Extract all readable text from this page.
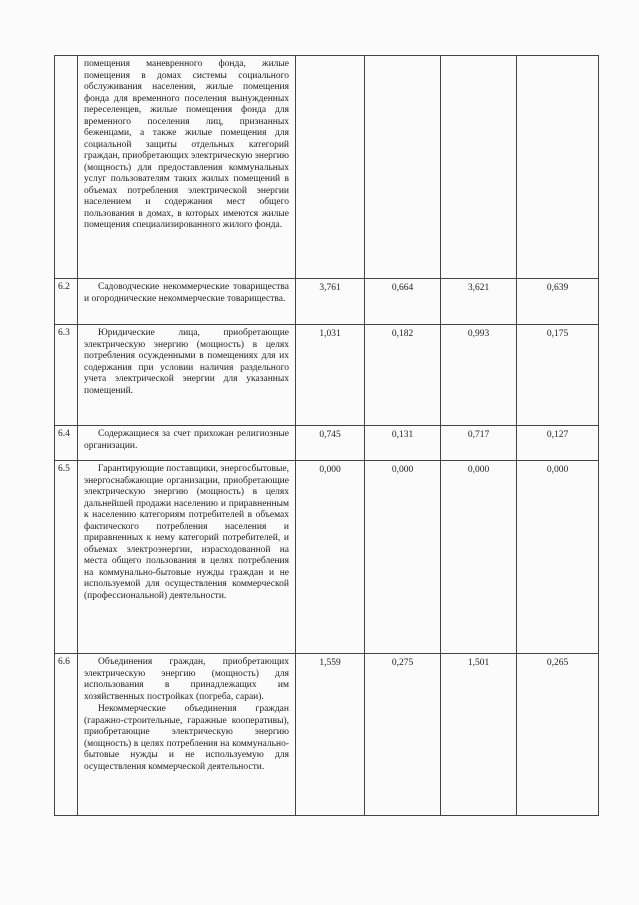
	помещения маневренного фонда, жилые помещения в домах системы социального обслуживания населения, жилые помещения фонда для временного поселения вынужденных переселенцев, жилые помещения фонда для временного поселения лиц, признанных беженцами, а также жилые помещения для социальной защиты отдельных категорий граждан, приобретающих электрическую энергию (мощность) для предоставления коммунальных услуг пользователям таких жилых помещений в объемах потребления электрической энергии населением и содержания мест общего пользования в домах, в которых имеются жилые помещения специализированного жилого фонда.				

6.2	Садоводческие некоммерческие товарищества и огороднические некоммерческие товарищества.	3,761	0,664	3,621	0,639
6.3	Юридические лица, приобретающие электрическую энергию (мощность) в целях потребления осужденными в помещениях для их содержания при условии наличия раздельного учета электрической энергии для указанных помещений.	1,031	0,182	0,993	0,175
6.4	Содержащиеся за счет прихожан религиозные организации.	0,745	0,131	0,717	0,127
6.5	Гарантирующие поставщики, энергосбытовые, энергоснабжающие организации, приобретающие электрическую энергию (мощность) в целях дальнейшей продажи населению и приравненным к населению категориям потребителей в объемах фактического потребления населения и приравненных к нему категорий потребителей, и объемах электроэнергии, израсходованной на места общего пользования в целях потребления на коммунально-бытовые нужды граждан и не используемой для осуществления коммерческой (профессиональной) деятельности.	0,000	0,000	0,000	0,000
6.6	Объединения граждан, приобретающих электрическую энергию (мощность) для использования в принадлежащих им хозяйственных постройках (погреба, сараи).

Некоммерческие объединения граждан (гаражно-строительные, гаражные кооперативы), приобретающие электрическую энергию (мощность) в целях потребления на коммунально-бытовые нужды и не используемую для осуществления коммерческой деятельности.	1,559	0,275	1,501	0,265
